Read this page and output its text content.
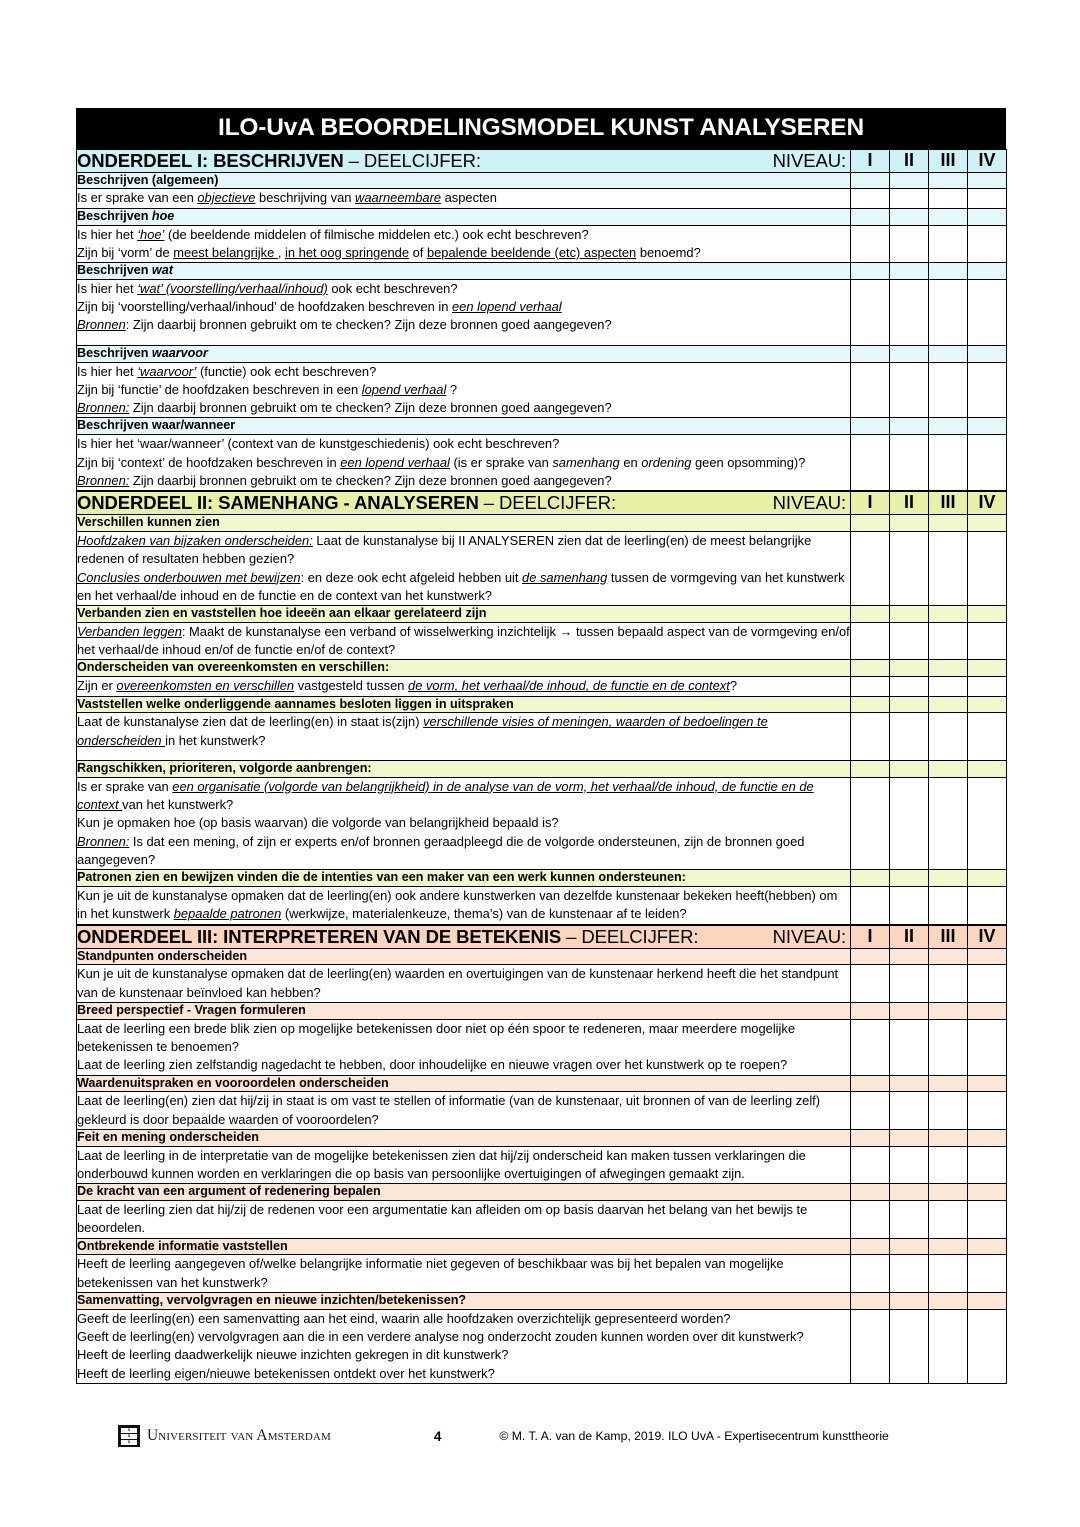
ILO-UvA BEOORDELINGSMODEL KUNST ANALYSEREN
ONDERDEEL I: BESCHRIJVEN – DEELCIJFER: NIVEAU:	I	II	III	IV
Beschrijven (algemeen)				

Is er sprake van een objectieve beschrijving van waarneembare aspecten				

Beschrijven hoe				

Is hier het ‘hoe’ (de beeldende middelen of filmische middelen etc.) ook echt beschreven?

Zijn bij ‘vorm’ de meest belangrijke , in het oog springende of bepalende beeldende (etc) aspecten benoemd?				

Beschrijven wat				

Is hier het ‘wat’ (voorstelling/verhaal/inhoud) ook echt beschreven?

Zijn bij ‘voorstelling/verhaal/inhoud’ de hoofdzaken beschreven in een lopend verhaal

Bronnen: Zijn daarbij bronnen gebruikt om te checken? Zijn deze bronnen goed aangegeven?				

Beschrijven waarvoor				

Is hier het ‘waarvoor’ (functie) ook echt beschreven?

Zijn bij ‘functie’ de hoofdzaken beschreven in een lopend verhaal ?

Bronnen: Zijn daarbij bronnen gebruikt om te checken? Zijn deze bronnen goed aangegeven?				

Beschrijven waar/wanneer				

Is hier het ‘waar/wanneer’ (context van de kunstgeschiedenis) ook echt beschreven?

Zijn bij ‘context’ de hoofdzaken beschreven in een lopend verhaal (is er sprake van samenhang en ordening geen opsomming)?

Bronnen: Zijn daarbij bronnen gebruikt om te checken? Zijn deze bronnen goed aangegeven?				

ONDERDEEL II: SAMENHANG - ANALYSEREN – DEELCIJFER: NIVEAU:	I	II	III	IV
Verschillen kunnen zien				

Hoofdzaken van bijzaken onderscheiden: Laat de kunstanalyse bij II ANALYSEREN zien dat de leerling(en) de meest belangrijke redenen of resultaten hebben gezien?

Conclusies onderbouwen met bewijzen: en deze ook echt afgeleid hebben uit de samenhang tussen de vormgeving van het kunstwerk en het verhaal/de inhoud en de functie en de context van het kunstwerk?				

Verbanden zien en vaststellen hoe ideeën aan elkaar gerelateerd zijn				

Verbanden leggen: Maakt de kunstanalyse een verband of wisselwerking inzichtelijk → tussen bepaald aspect van de vormgeving en/of het verhaal/de inhoud en/of de functie en/of de context?				

Onderscheiden van overeenkomsten en verschillen:				

Zijn er overeenkomsten en verschillen vastgesteld tussen de vorm, het verhaal/de inhoud, de functie en de context?				

Vaststellen welke onderliggende aannames besloten liggen in uitspraken				

Laat de kunstanalyse zien dat de leerling(en) in staat is(zijn) verschillende visies of meningen, waarden of bedoelingen te onderscheiden in het kunstwerk?				

Rangschikken, prioriteren, volgorde aanbrengen:				

Is er sprake van een organisatie (volgorde van belangrijkheid) in de analyse van de vorm, het verhaal/de inhoud, de functie en de context van het kunstwerk?

Kun je opmaken hoe (op basis waarvan) die volgorde van belangrijkheid bepaald is?

Bronnen: Is dat een mening, of zijn er experts en/of bronnen geraadpleegd die de volgorde ondersteunen, zijn de bronnen goed aangegeven?				

Patronen zien en bewijzen vinden die de intenties van een maker van een werk kunnen ondersteunen:				

Kun je uit de kunstanalyse opmaken dat de leerling(en) ook andere kunstwerken van dezelfde kunstenaar bekeken heeft(hebben) om in het kunstwerk bepaalde patronen (werkwijze, materialenkeuze, thema’s) van de kunstenaar af te leiden?				

ONDERDEEL III: INTERPRETEREN VAN DE BETEKENIS – DEELCIJFER: NIVEAU:	I	II	III	IV
Standpunten onderscheiden				

Kun je uit de kunstanalyse opmaken dat de leerling(en) waarden en overtuigingen van de kunstenaar herkend heeft die het standpunt van de kunstenaar beïnvloed kan hebben?				

Breed perspectief - Vragen formuleren				

Laat de leerling een brede blik zien op mogelijke betekenissen door niet op één spoor te redeneren, maar meerdere mogelijke betekenissen te benoemen?

Laat de leerling zien zelfstandig nagedacht te hebben, door inhoudelijke en nieuwe vragen over het kunstwerk op te roepen?				

Waardenuitspraken en vooroordelen onderscheiden				

Laat de leerling(en) zien dat hij/zij in staat is om vast te stellen of informatie (van de kunstenaar, uit bronnen of van de leerling zelf) gekleurd is door bepaalde waarden of vooroordelen?				

Feit en mening onderscheiden				

Laat de leerling in de interpretatie van de mogelijke betekenissen zien dat hij/zij onderscheid kan maken tussen verklaringen die onderbouwd kunnen worden en verklaringen die op basis van persoonlijke overtuigingen of afwegingen gemaakt zijn.				

De kracht van een argument of redenering bepalen				

Laat de leerling zien dat hij/zij de redenen voor een argumentatie kan afleiden om op basis daarvan het belang van het bewijs te beoordelen.				

Ontbrekende informatie vaststellen				

Heeft de leerling aangegeven of/welke belangrijke informatie niet gegeven of beschikbaar was bij het bepalen van mogelijke betekenissen van het kunstwerk?				

Samenvatting, vervolgvragen en nieuwe inzichten/betekenissen?				

Geeft de leerling(en) een samenvatting aan het eind, waarin alle hoofdzaken overzichtelijk gepresenteerd worden?

Geeft de leerling(en) vervolgvragen aan die in een verdere analyse nog onderzocht zouden kunnen worden over dit kunstwerk?

Heeft de leerling daadwerkelijk nieuwe inzichten gekregen in dit kunstwerk?

Heeft de leerling eigen/nieuwe betekenissen ontdekt over het kunstwerk?				

x
x
x	Universiteit van Amsterdam	4	© M. T. A. van de Kamp, 2019. ILO UvA - Expertisecentrum kunsttheorie
